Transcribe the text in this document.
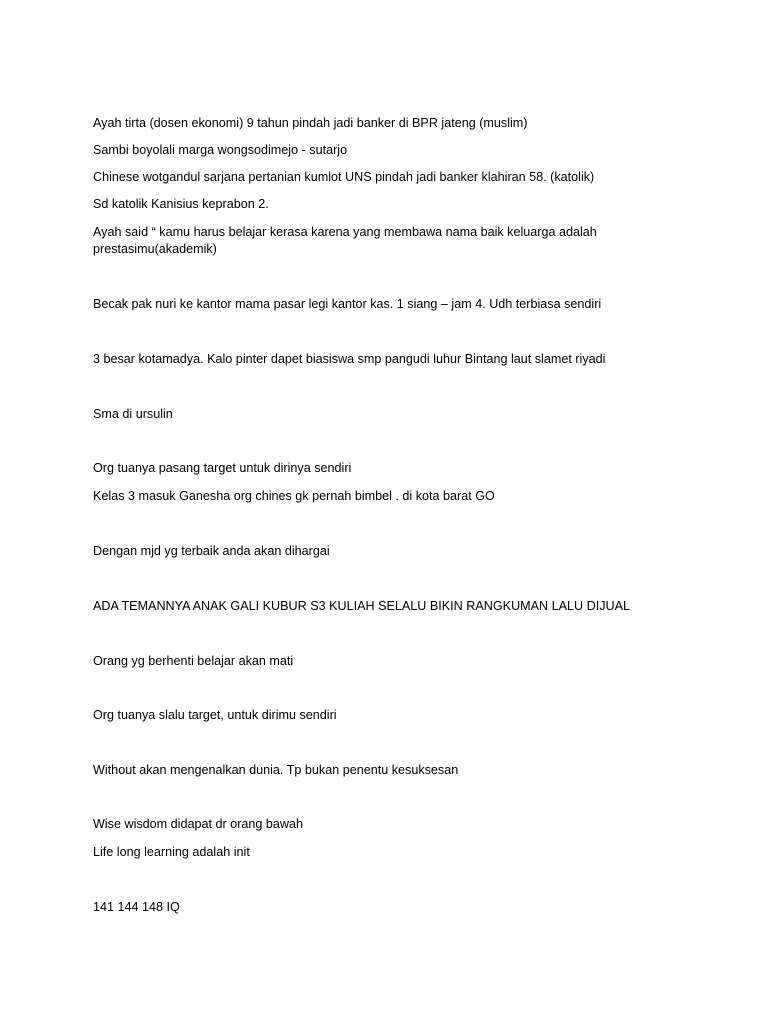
Ayah tirta (dosen ekonomi) 9 tahun pindah jadi banker di BPR jateng (muslim)

Sambi boyolali marga wongsodimejo - sutarjo

Chinese wotgandul sarjana pertanian kumlot UNS pindah jadi banker klahiran 58. (katolik)

Sd katolik Kanisius keprabon 2.

Ayah said “ kamu harus belajar kerasa karena yang membawa nama baik keluarga adalah prestasimu(akademik)

Becak pak nuri ke kantor mama pasar legi kantor kas. 1 siang – jam 4. Udh terbiasa sendiri

3 besar kotamadya. Kalo pinter dapet biasiswa smp pangudi luhur Bintang laut slamet riyadi

Sma di ursulin

Org tuanya pasang target untuk dirinya sendiri

Kelas 3 masuk Ganesha org chines gk pernah bimbel . di kota barat GO

Dengan mjd yg terbaik anda akan dihargai

ADA TEMANNYA ANAK GALI KUBUR S3 KULIAH SELALU BIKIN RANGKUMAN LALU DIJUAL

Orang yg berhenti belajar akan mati

Org tuanya slalu target, untuk dirimu sendiri

Without akan mengenalkan dunia. Tp bukan penentu kesuksesan

Wise wisdom didapat dr orang bawah

Life long learning adalah init

141 144 148 IQ
